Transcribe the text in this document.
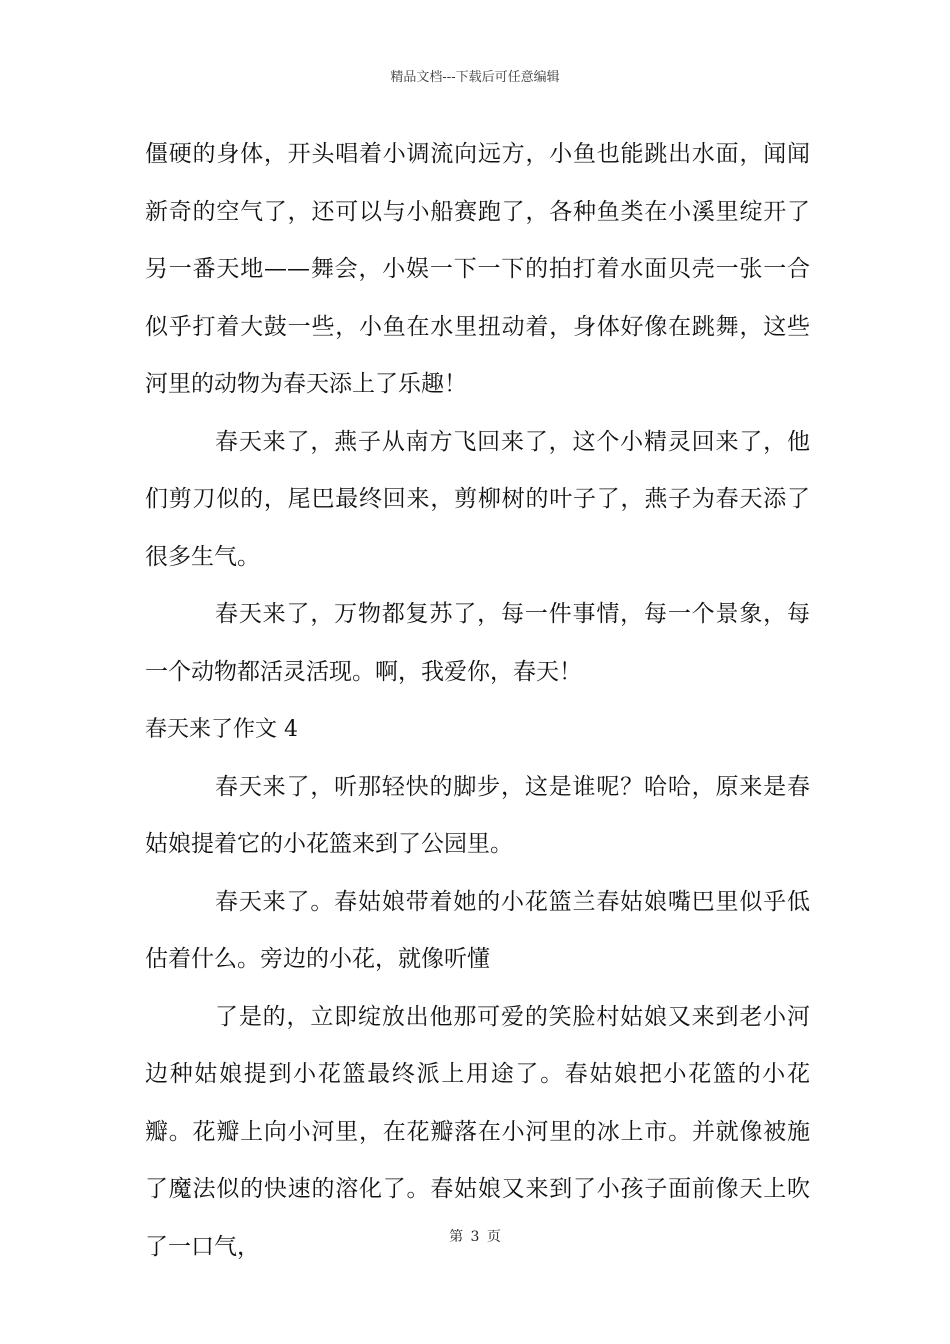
精品文档---下载后可任意编辑

僵硬的身体，开头唱着小调流向远方，小鱼也能跳出水面，闻闻新奇的空气了，还可以与小船赛跑了，各种鱼类在小溪里绽开了另一番天地——舞会，小娱一下一下的拍打着水面贝壳一张一合似乎打着大鼓一些，小鱼在水里扭动着，身体好像在跳舞，这些河里的动物为春天添上了乐趣！

春天来了，燕子从南方飞回来了，这个小精灵回来了，他们剪刀似的，尾巴最终回来，剪柳树的叶子了，燕子为春天添了很多生气。

春天来了，万物都复苏了，每一件事情，每一个景象，每一个动物都活灵活现。啊，我爱你，春天！

春天来了作文 4

春天来了，听那轻快的脚步，这是谁呢？哈哈，原来是春姑娘提着它的小花篮来到了公园里。

春天来了。春姑娘带着她的小花篮兰春姑娘嘴巴里似乎低估着什么。旁边的小花，就像听懂

了是的，立即绽放出他那可爱的笑脸村姑娘又来到老小河边种姑娘提到小花篮最终派上用途了。春姑娘把小花篮的小花瓣。花瓣上向小河里，在花瓣落在小河里的冰上市。并就像被施了魔法似的快速的溶化了。春姑娘又来到了小孩子面前像天上吹了一口气，	第 3 页
